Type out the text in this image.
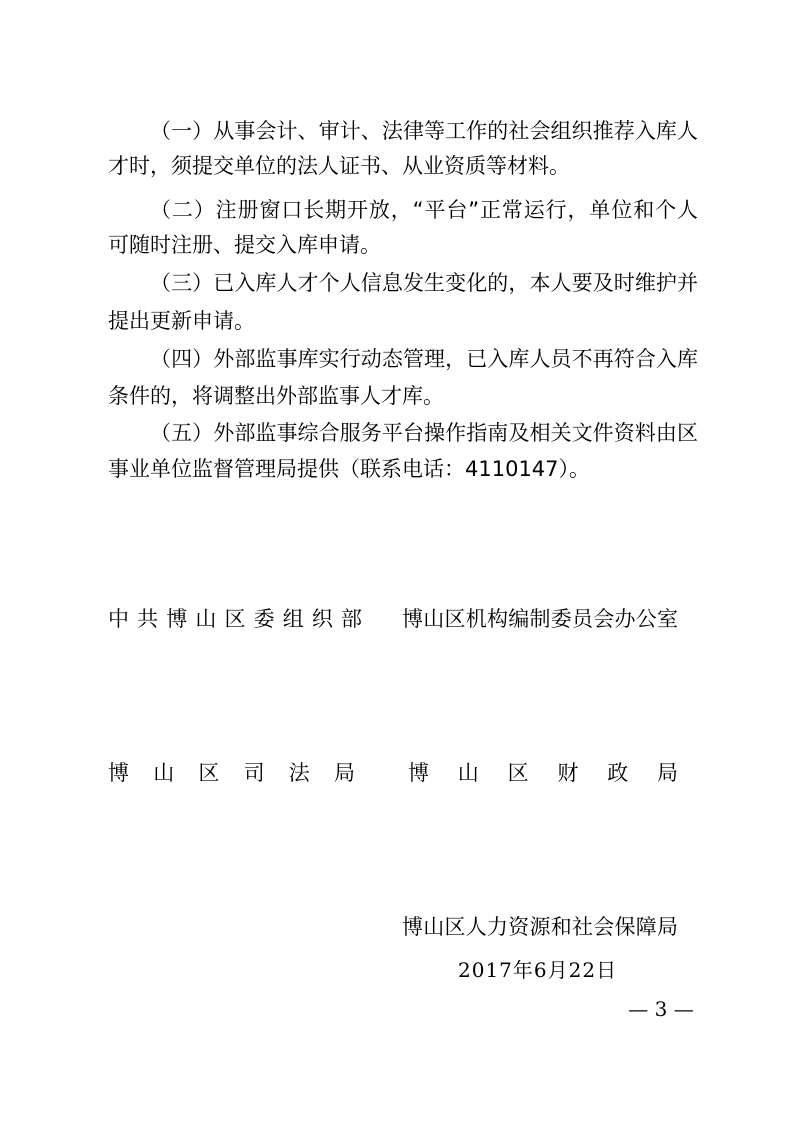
（一）从事会计、审计、法律等工作的社会组织推荐入库人
才时，须提交单位的法人证书、从业资质等材料。
（二）注册窗口长期开放，“平台”正常运行，单位和个人
可随时注册、提交入库申请。
（三）已入库人才个人信息发生变化的，本人要及时维护并
提出更新申请。
（四）外部监事库实行动态管理，已入库人员不再符合入库
条件的，将调整出外部监事人才库。
（五）外部监事综合服务平台操作指南及相关文件资料由区
事业单位监督管理局提供（联系电话：4110147）。
中共博山区委组织部 博山区机构编制委员会办公室
博山区司法局	博山区财政局
博山区人力资源和社会保障局
2017年6月22日
— 3 —
